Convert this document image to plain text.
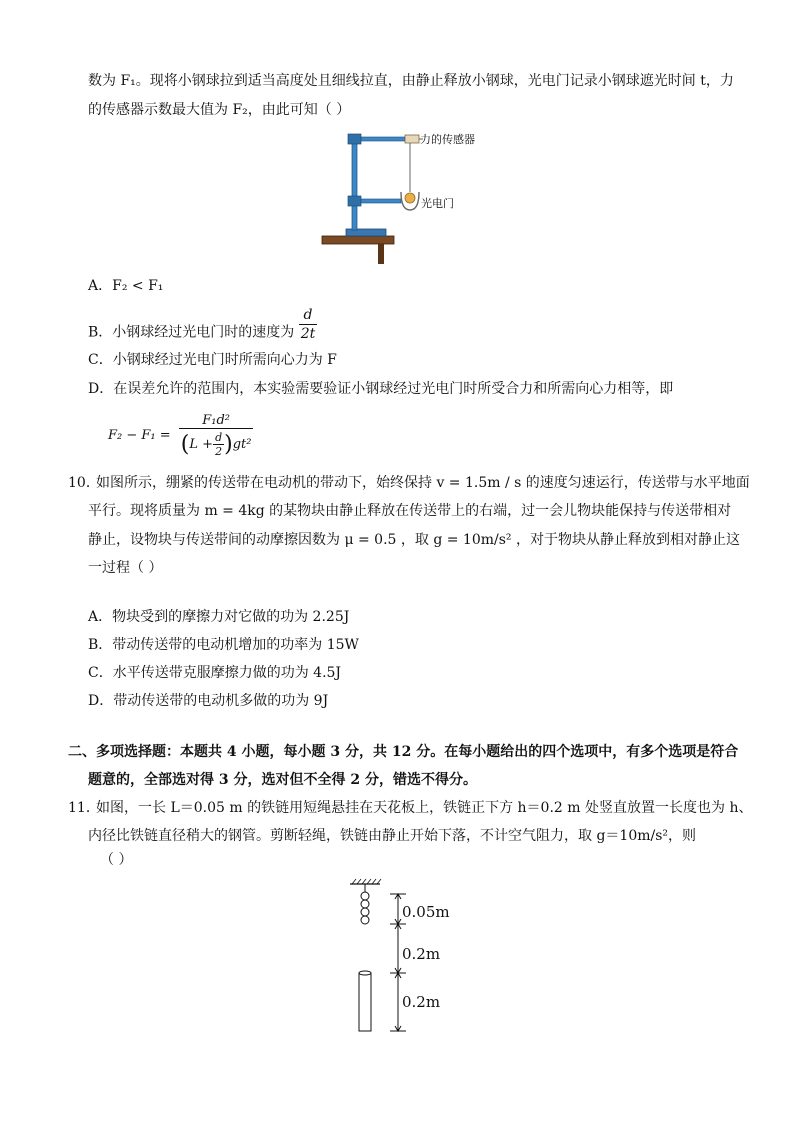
数为 F₁。现将小钢球拉到适当高度处且细线拉直，由静止释放小钢球，光电门记录小钢球遮光时间 t，力
的传感器示数最大值为 F₂，由此可知（ ）
力的传感器
光电门
A．F₂ < F₁
B．小钢球经过光电门时的速度为 $\frac{d}{2t}$
C．小钢球经过光电门时所需向心力为 F
D．在误差允许的范围内，本实验需要验证小钢球经过光电门时所受合力和所需向心力相等，即
$F_2 - F_1 = \frac{\text{F₁d²}}{(L + \frac{d}{2} )gt^2}$
10．
如图所示，绷紧的传送带在电动机的带动下，始终保持 v = 1.5m / s 的速度匀速运行，传送带与水平地面
平行。现将质量为 m = 4kg 的某物块由静止释放在传送带上的右端，过一会儿物块能保持与传送带相对
静止，设物块与传送带间的动摩擦因数为 μ = 0.5 ，取 g = 10m/s² ，对于物块从静止释放到相对静止这
一过程（ ）
A．物块受到的摩擦力对它做的功为 2.25J
B．带动传送带的电动机增加的功率为 15W
C．水平传送带克服摩擦力做的功为 4.5J
D．带动传送带的电动机多做的功为 9J
二、多项选择题：本题共 4 小题，每小题 3 分，共 12 分。在每小题给出的四个选项中，有多个选项是符合
题意的，全部选对得 3 分，选对但不全得 2 分，错选不得分。
11．
如图，一长 L＝0.05 m 的铁链用短绳悬挂在天花板上，铁链正下方 h＝0.2 m 处竖直放置一长度也为 h、
内径比铁链直径稍大的钢管。剪断轻绳，铁链由静止开始下落，不计空气阻力，取 g＝10m/s²，则
（ ）
0.05m
0.2m
0.2m
